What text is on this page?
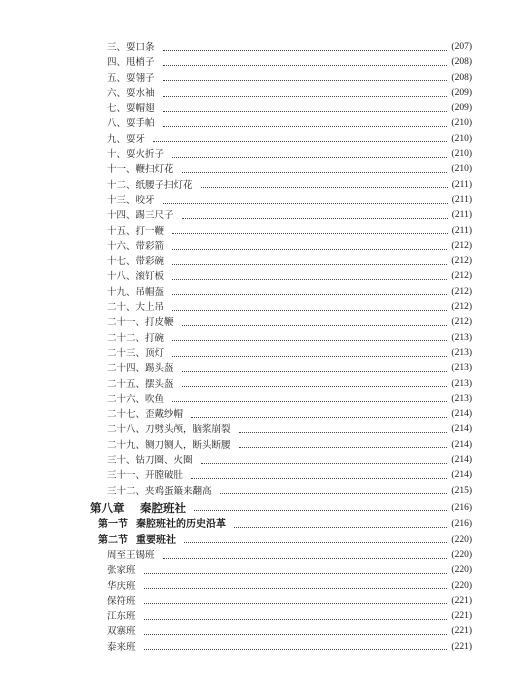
三、耍口条	(207)
四、甩梢子	(208)
五、耍翎子	(208)
六、耍水袖	(209)
七、耍帽翅	(209)
八、耍手帕	(210)
九、耍牙	(210)
十、耍火折子	(210)
十一、鞭扫灯花	(210)
十二、纸腰子扫灯花	(211)
十三、咬牙	(211)
十四、踢三尺子	(211)
十五、打一鞭	(211)
十六、带彩箭	(212)
十七、带彩碗	(212)
十八、滚钉板	(212)
十九、吊帽盔	(212)
二十、大上吊	(212)
二十一、打皮鞭	(212)
二十二、打碗	(213)
二十三、顶灯	(213)
二十四、踢头盔	(213)
二十五、摆头盔	(213)
二十六、吹鱼	(213)
二十七、歪戴纱帽	(214)
二十八、刀劈头颅，脑浆崩裂	(214)
二十九、铡刀铡人，断头断腰	(214)
三十、钻刀圈、火圈	(214)
三十一、开膛破肚	(214)
三十二、夹鸡蛋簸来翻高	(215)
第八章 秦腔班社	(216)
第一节 秦腔班社的历史沿革	(216)
第二节 重要班社	(220)
周至王锡班	(220)
张家班	(220)
华庆班	(220)
保符班	(221)
江东班	(221)
双寨班	(221)
泰来班	(221)
